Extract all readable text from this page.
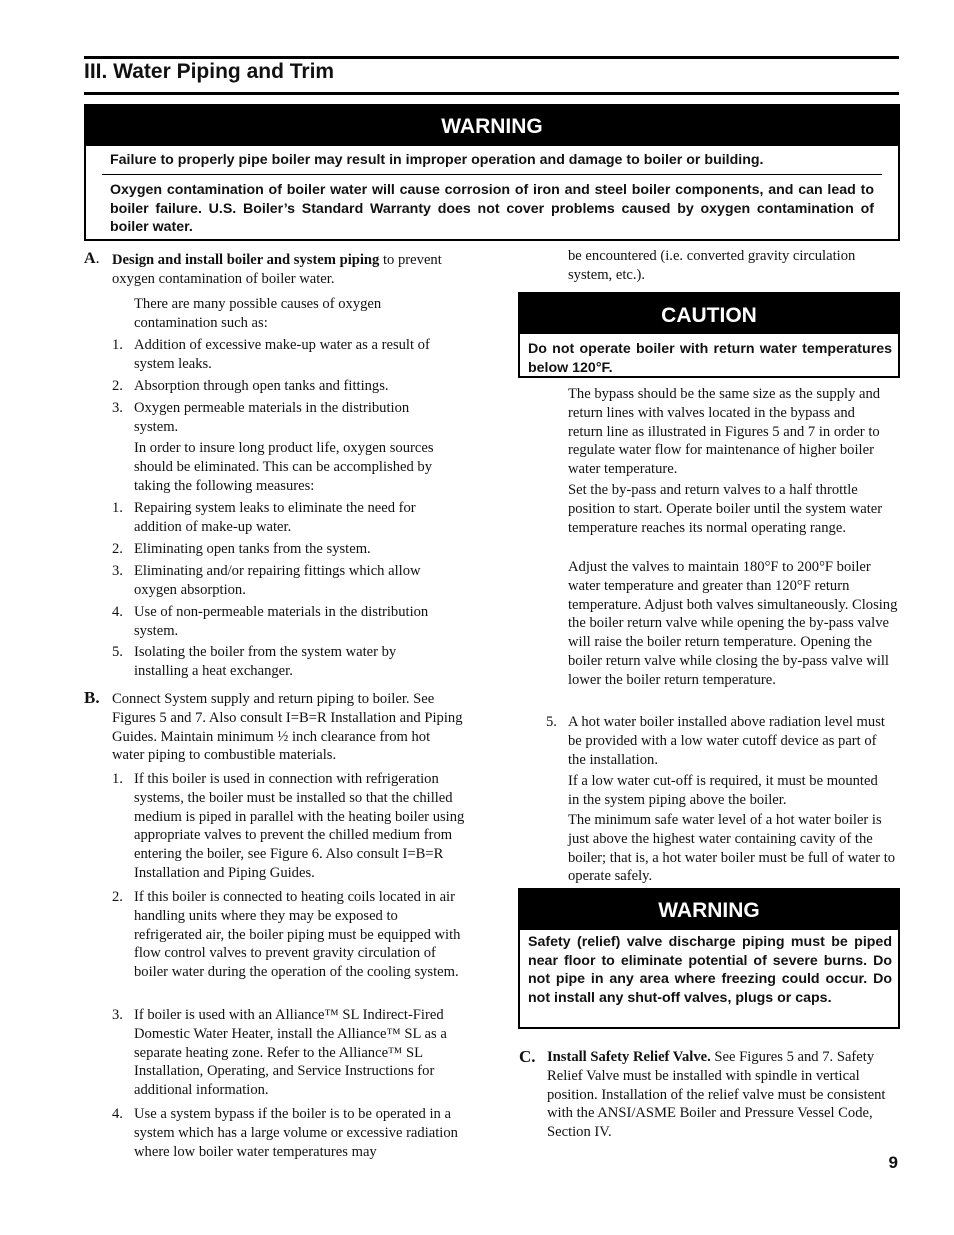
III. Water Piping and Trim
WARNING
Failure to properly pipe boiler may result in improper operation and damage to boiler or building.
Oxygen contamination of boiler water will cause corrosion of iron and steel boiler components, and can lead to boiler failure. U.S. Boiler’s Standard Warranty does not cover problems caused by oxygen contamination of boiler water.
A. Design and install boiler and system piping to prevent oxygen contamination of boiler water.
There are many possible causes of oxygen contamination such as:
1. Addition of excessive make-up water as a result of system leaks.
2. Absorption through open tanks and fittings.
3. Oxygen permeable materials in the distribution system.
In order to insure long product life, oxygen sources should be eliminated. This can be accomplished by taking the following measures:
1. Repairing system leaks to eliminate the need for addition of make-up water.
2. Eliminating open tanks from the system.
3. Eliminating and/or repairing fittings which allow oxygen absorption.
4. Use of non-permeable materials in the distribution system.
5. Isolating the boiler from the system water by installing a heat exchanger.
B. Connect System supply and return piping to boiler. See Figures 5 and 7. Also consult I=B=R Installation and Piping Guides. Maintain minimum ½ inch clearance from hot water piping to combustible materials.
1. If this boiler is used in connection with refrigeration systems, the boiler must be installed so that the chilled medium is piped in parallel with the heating boiler using appropriate valves to prevent the chilled medium from entering the boiler, see Figure 6. Also consult I=B=R Installation and Piping Guides.
2. If this boiler is connected to heating coils located in air handling units where they may be exposed to refrigerated air, the boiler piping must be equipped with flow control valves to prevent gravity circulation of boiler water during the operation of the cooling system.
3. If boiler is used with an Alliance™ SL Indirect-Fired Domestic Water Heater, install the Alliance™ SL as a separate heating zone. Refer to the Alliance™ SL Installation, Operating, and Service Instructions for additional information.
4. Use a system bypass if the boiler is to be operated in a system which has a large volume or excessive radiation where low boiler water temperatures may
be encountered (i.e. converted gravity circulation system, etc.).
CAUTION
Do not operate boiler with return water temperatures below 120°F.
The bypass should be the same size as the supply and return lines with valves located in the bypass and return line as illustrated in Figures 5 and 7 in order to regulate water flow for maintenance of higher boiler water temperature.
Set the by-pass and return valves to a half throttle position to start. Operate boiler until the system water temperature reaches its normal operating range.
Adjust the valves to maintain 180°F to 200°F boiler water temperature and greater than 120°F return temperature. Adjust both valves simultaneously. Closing the boiler return valve while opening the by-pass valve will raise the boiler return temperature. Opening the boiler return valve while closing the by-pass valve will lower the boiler return temperature.
5. A hot water boiler installed above radiation level must be provided with a low water cutoff device as part of the installation.
If a low water cut-off is required, it must be mounted in the system piping above the boiler.
The minimum safe water level of a hot water boiler is just above the highest water containing cavity of the boiler; that is, a hot water boiler must be full of water to operate safely.
WARNING
Safety (relief) valve discharge piping must be piped near floor to eliminate potential of severe burns. Do not pipe in any area where freezing could occur. Do not install any shut-off valves, plugs or caps.
C. Install Safety Relief Valve. See Figures 5 and 7. Safety Relief Valve must be installed with spindle in vertical position. Installation of the relief valve must be consistent with the ANSI/ASME Boiler and Pressure Vessel Code, Section IV.
9
